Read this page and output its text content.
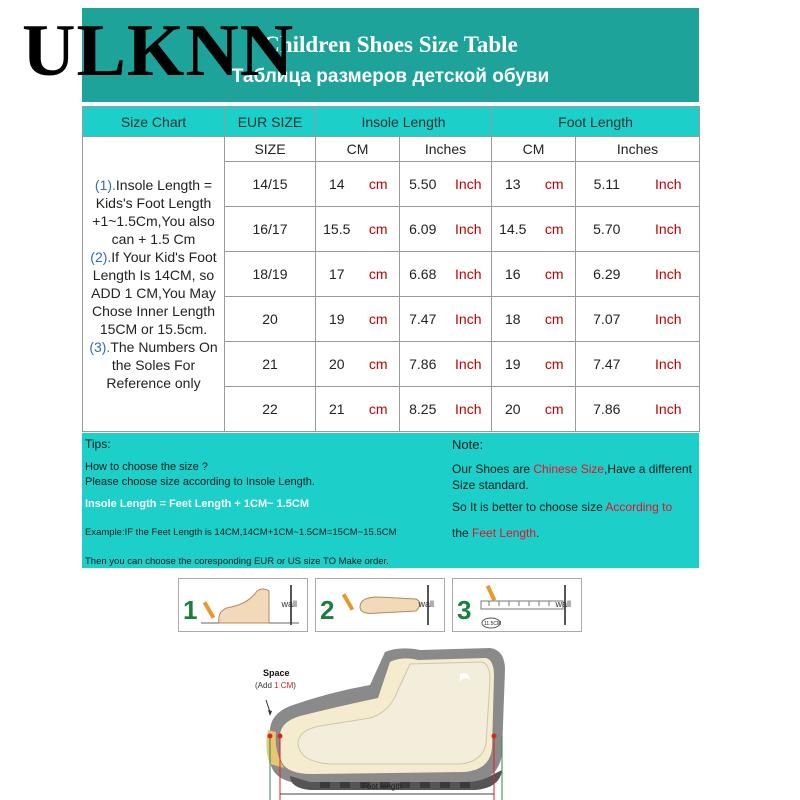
ULKNN
Children Shoes Size Table
Таблица размеров детской обуви
Size Chart	EUR SIZE	Insole Length		Foot Length	

(1).Insole Length = Kids's Foot Length +1~1.5Cm,You also can + 1.5 Cm
(2).If Your Kid's Foot Length Is 14CM, so ADD 1 CM,You May Chose Inner Length 15CM or 15.5cm.
(3).The Numbers On the Soles For Reference only	SIZE	CM	Inches	CM	Inches
	14/15	14 cm	5.50 Inch	13 cm	5.11 Inch

	16/17	15.5 cm	6.09 Inch	14.5 cm	5.70 Inch

	18/19	17 cm	6.68 Inch	16 cm	6.29 Inch

	20	19 cm	7.47 Inch	18 cm	7.07 Inch

	21	20 cm	7.86 Inch	19 cm	7.47 Inch

	22	21 cm	8.25 Inch	20 cm	7.86 Inch
Tips:
How to choose the size ?
Please choose size according to Insole Length.
Insole Length = Feet Length + 1CM~ 1.5CM
Example:IF the Feet Length is 14CM,14CM+1CM~1.5CM=15CM~15.5CM
Then you can choose the coresponding EUR or US size TO Make order.
Note:
Our Shoes are Chinese Size,Have a different Size standard.
So It is better to choose size According to
the Feet Length.
1	wall 2	wall 3	11.5CM
wall
Space
(Add 1 CM)
Foot length
